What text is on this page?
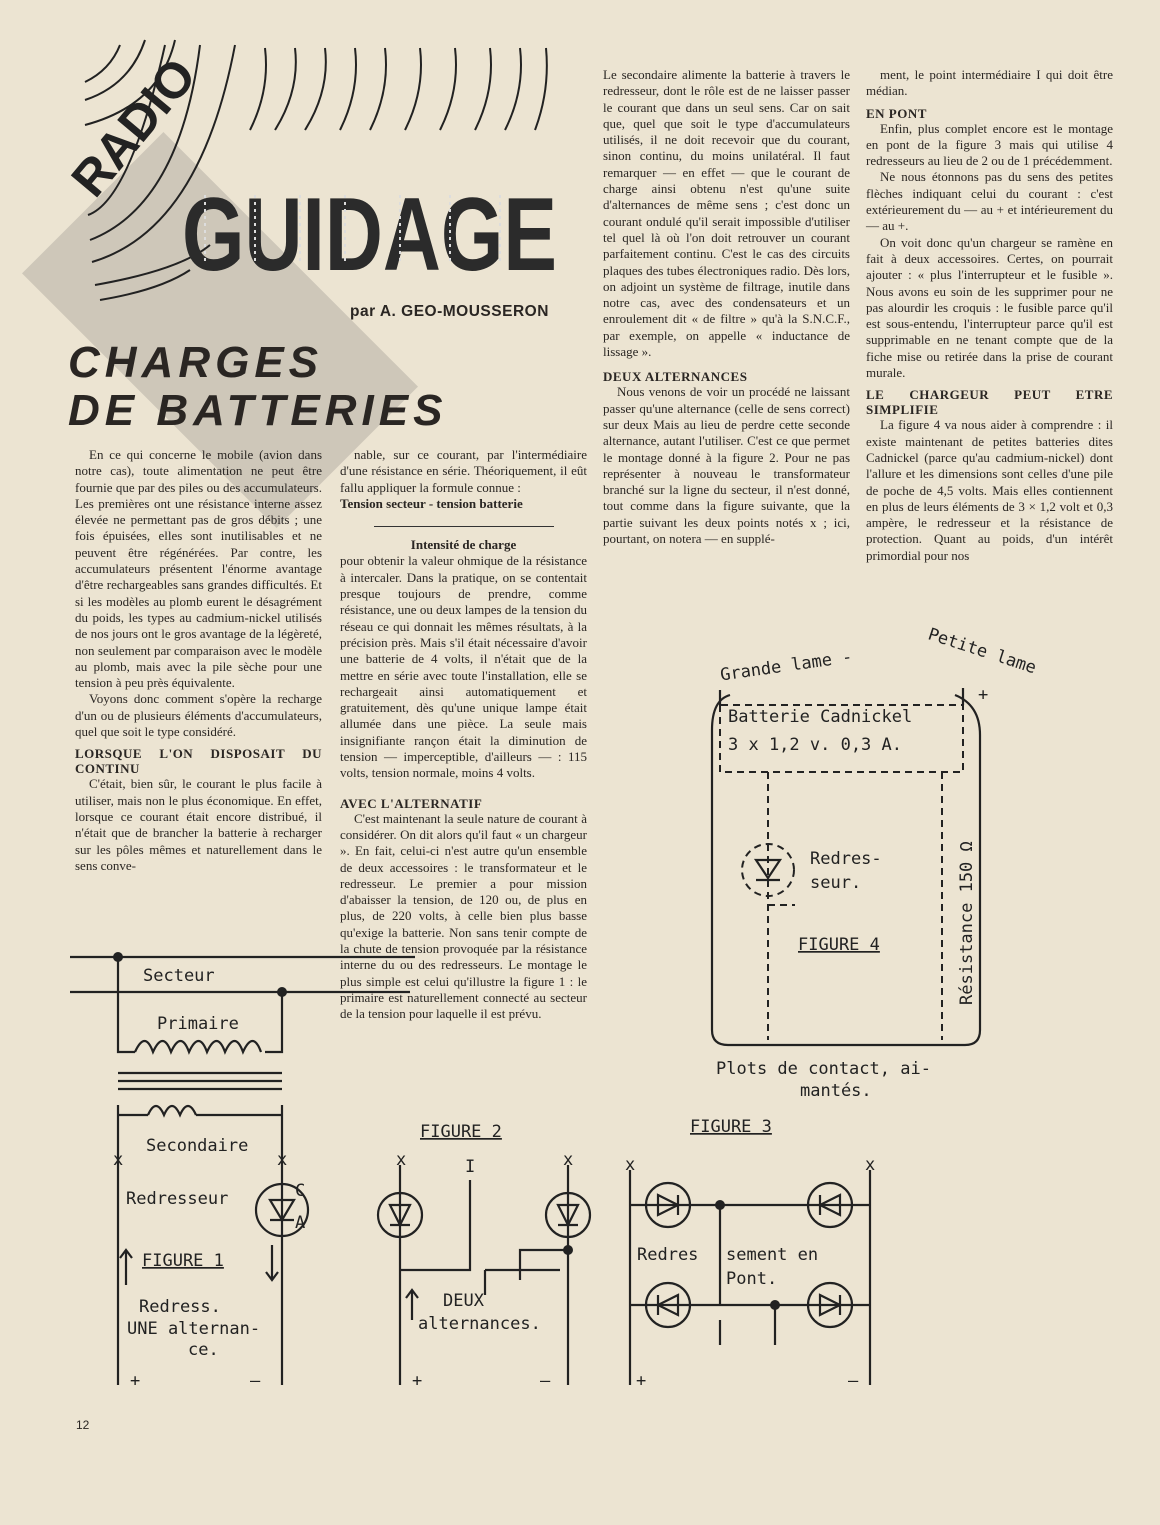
RADIO
GUIDAGE
par A. GEO-MOUSSERON
CHARGES
DE BATTERIES

En ce qui concerne le mobile (avion dans notre cas), toute alimentation ne peut être fournie que par des piles ou des accumulateurs. Les premières ont une résistance interne assez élevée ne permettant pas de gros débits ; une fois épuisées, elles sont inutilisables et ne peuvent être régénérées. Par contre, les accumulateurs présentent l'énorme avantage d'être rechargeables sans grandes difficultés. Et si les modèles au plomb eurent le désagrément du poids, les types au cadmium-nickel utilisés de nos jours ont le gros avantage de la légèreté, non seulement par comparaison avec le modèle au plomb, mais avec la pile sèche pour une tension à peu près équivalente.

Voyons donc comment s'opère la recharge d'un ou de plusieurs éléments d'accumulateurs, quel que soit le type considéré.

LORSQUE L'ON DISPOSAIT DU CONTINU

C'était, bien sûr, le courant le plus facile à utiliser, mais non le plus économique. En effet, lorsque ce courant était encore distribué, il n'était que de brancher la batterie à recharger sur les pôles mêmes et naturellement dans le sens conve-

nable, sur ce courant, par l'intermédiaire d'une résistance en série. Théoriquement, il eût fallu appliquer la formule connue :

Tension secteur - tension batterie

Intensité de charge

pour obtenir la valeur ohmique de la résistance à intercaler. Dans la pratique, on se contentait presque toujours de prendre, comme résistance, une ou deux lampes de la tension du réseau ce qui donnait les mêmes résultats, à la précision près. Mais s'il était nécessaire d'avoir une batterie de 4 volts, il n'était que de la mettre en série avec toute l'installation, elle se rechargeait ainsi automatiquement et gratuitement, dès qu'une unique lampe était allumée dans une pièce. La seule mais insignifiante rançon était la diminution de tension — imperceptible, d'ailleurs — : 115 volts, tension normale, moins 4 volts.

AVEC L'ALTERNATIF

C'est maintenant la seule nature de courant à considérer. On dit alors qu'il faut « un chargeur ». En fait, celui-ci n'est autre qu'un ensemble de deux accessoires : le transformateur et le redresseur. Le premier a pour mission d'abaisser la tension, de 120 ou, de plus en plus, de 220 volts, à celle bien plus basse qu'exige la batterie. Non sans tenir compte de la chute de tension provoquée par la résistance interne du ou des redresseurs. Le montage le plus simple est celui qu'illustre la figure 1 : le primaire est naturellement connecté au secteur de la tension pour laquelle il est prévu.

Le secondaire alimente la batterie à travers le redresseur, dont le rôle est de ne laisser passer le courant que dans un seul sens. Car on sait que, quel que soit le type d'accumulateurs utilisés, il ne doit recevoir que du courant, sinon continu, du moins unilatéral. Il faut remarquer — en effet — que le courant de charge ainsi obtenu n'est qu'une suite d'alternances de même sens ; c'est donc un courant ondulé qu'il serait impossible d'utiliser tel quel là où l'on doit retrouver un courant parfaitement continu. C'est le cas des circuits plaques des tubes électroniques radio. Dès lors, on adjoint un système de filtrage, inutile dans notre cas, avec des condensateurs et un enroulement dit « de filtre » qu'à la S.N.C.F., par exemple, on appelle « inductance de lissage ».

DEUX ALTERNANCES

Nous venons de voir un procédé ne laissant passer qu'une alternance (celle de sens correct) sur deux Mais au lieu de perdre cette seconde alternance, autant l'utiliser. C'est ce que permet le montage donné à la figure 2. Pour ne pas représenter à nouveau le transformateur branché sur la ligne du secteur, il n'est donné, tout comme dans la figure suivante, que la partie suivant les deux points notés x ; ici, pourtant, on notera — en supplé-

ment, le point intermédiaire I qui doit être médian.

EN PONT

Enfin, plus complet encore est le montage en pont de la figure 3 mais qui utilise 4 redresseurs au lieu de 2 ou de 1 précédemment.

Ne nous étonnons pas du sens des petites flèches indiquant celui du courant : c'est extérieurement du — au + et intérieurement du — au +.

On voit donc qu'un chargeur se ramène en fait à deux accessoires. Certes, on pourrait ajouter : « plus l'interrupteur et le fusible ». Nous avons eu soin de les supprimer pour ne pas alourdir les croquis : le fusible parce qu'il est sous-entendu, l'interrupteur parce qu'il est supprimable en ne tenant compte que de la fiche mise ou retirée dans la prise de courant murale.

LE CHARGEUR PEUT ETRE SIMPLIFIE

La figure 4 va nous aider à comprendre : il existe maintenant de petites batteries dites Cadnickel (parce qu'au cadmium-nickel) dont l'allure et les dimensions sont celles d'une pile de poche de 4,5 volts. Mais elles contiennent en plus de leurs éléments de 3 × 1,2 volt et 0,3 ampère, le redresseur et la résistance de protection. Quant au poids, d'un intérêt primordial pour nos

Secteur
Primaire
Secondaire
Redresseur
FIGURE 1
Redress.
UNE alternan-
ce.
x	x
+	—
C
A
FIGURE 2
I
DEUX
alternances.
x	x
+	—
FIGURE 3
Redres sement en
Pont.
x	x
+	—
Grande lame -	Petite lame
+
Batterie Cadnickel
3 x 1,2 v. 0,3 A.
Redres-
seur.
FIGURE 4	Résistance 150 Ω
Plots de contact, ai-
mantés.
12
